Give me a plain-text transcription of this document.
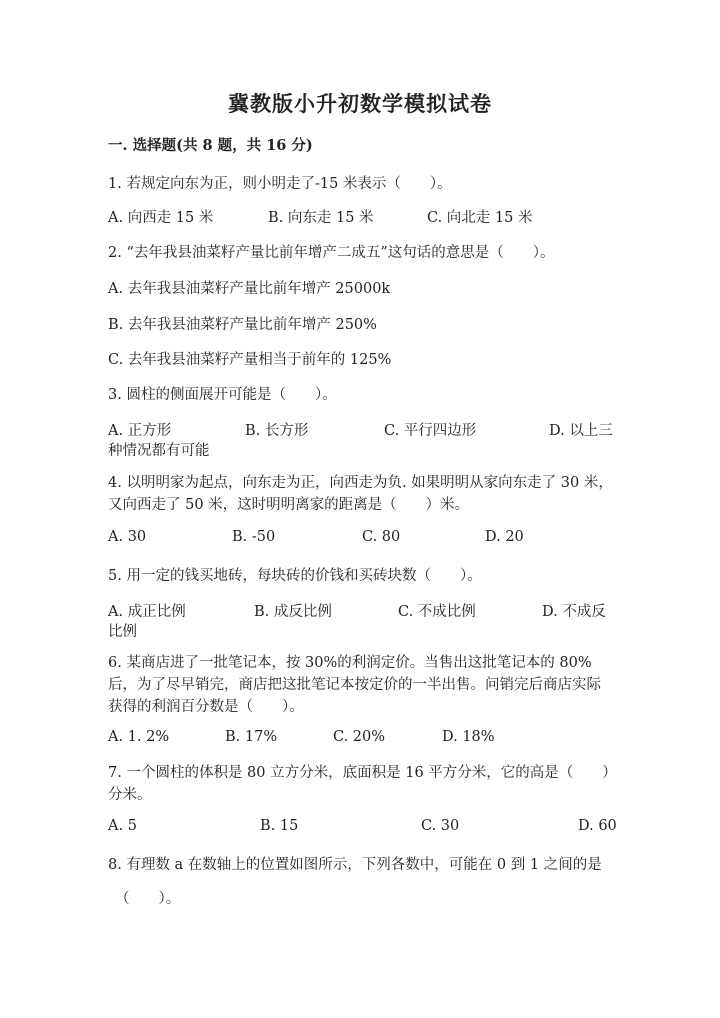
冀教版小升初数学模拟试卷
一. 选择题(共 8 题，共 16 分)
1. 若规定向东为正，则小明走了-15 米表示（　　）。
A. 向西走 15 米	B. 向东走 15 米	C. 向北走 15 米
2. “去年我县油菜籽产量比前年增产二成五”这句话的意思是（　　）。
A. 去年我县油菜籽产量比前年增产 25000k
B. 去年我县油菜籽产量比前年增产 250%
C. 去年我县油菜籽产量相当于前年的 125%
3. 圆柱的侧面展开可能是（　　）。
A. 正方形	B. 长方形	C. 平行四边形	D. 以上三
种情况都有可能
4. 以明明家为起点，向东走为正，向西走为负. 如果明明从家向东走了 30 米，又向西走了 50 米，这时明明离家的距离是（　　）米。
A. 30	B. -50	C. 80	D. 20
5. 用一定的钱买地砖，每块砖的价钱和买砖块数（　　）。
A. 成正比例	B. 成反比例	C. 不成比例	D. 不成反
比例
6. 某商店进了一批笔记本，按 30%的利润定价。当售出这批笔记本的 80%后，为了尽早销完，商店把这批笔记本按定价的一半出售。问销完后商店实际获得的利润百分数是（　　）。
A. 1. 2%	B. 17%	C. 20%	D. 18%
7. 一个圆柱的体积是 80 立方分米，底面积是 16 平方分米，它的高是（　　）分米。
A. 5	B. 15	C. 30	D. 60
8. 有理数 a 在数轴上的位置如图所示，下列各数中，可能在 0 到 1 之间的是
（　　）。
